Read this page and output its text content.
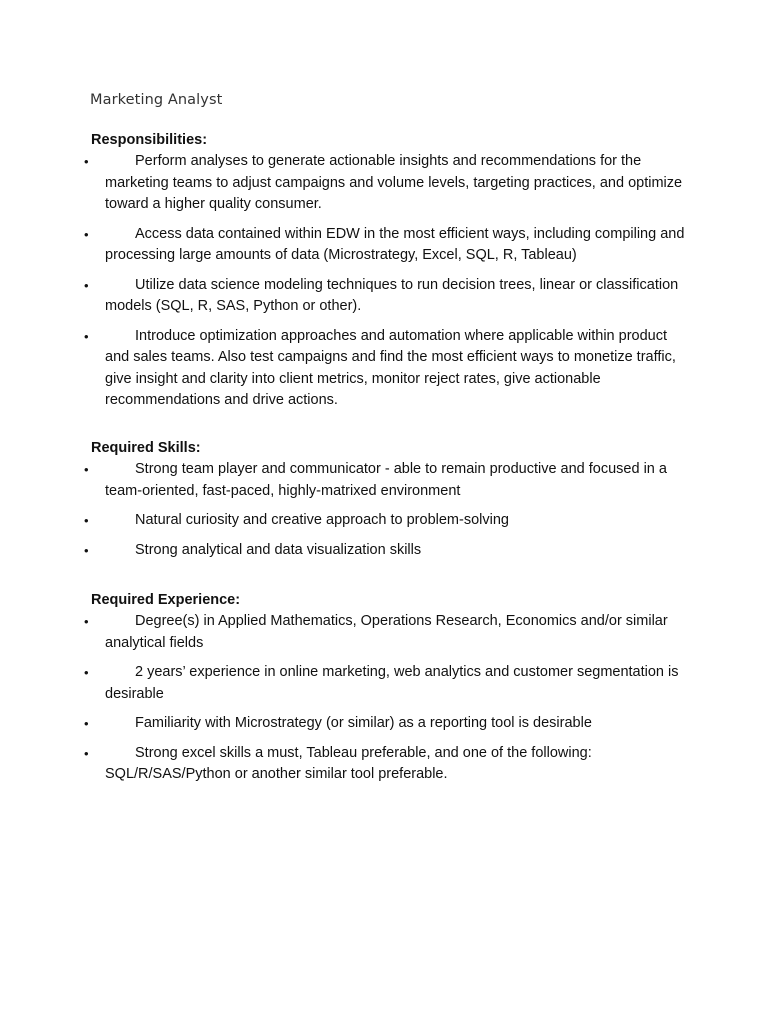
Marketing Analyst
Responsibilities:
•	Perform analyses to generate actionable insights and recommendations for the marketing teams to adjust campaigns and volume levels, targeting practices, and optimize toward a higher quality consumer.
•	Access data contained within EDW in the most efficient ways, including compiling and processing large amounts of data (Microstrategy, Excel, SQL, R, Tableau)
•	Utilize data science modeling techniques to run decision trees, linear or classification models (SQL, R, SAS, Python or other).
•	Introduce optimization approaches and automation where applicable within product and sales teams. Also test campaigns and find the most efficient ways to monetize traffic, give insight and clarity into client metrics, monitor reject rates, give actionable recommendations and drive actions.
Required Skills:
•	Strong team player and communicator - able to remain productive and focused in a team-oriented, fast-paced, highly-matrixed environment
•	Natural curiosity and creative approach to problem-solving
•	Strong analytical and data visualization skills
Required Experience:
•	Degree(s) in Applied Mathematics, Operations Research, Economics and/or similar analytical fields
•	2 years’ experience in online marketing, web analytics and customer segmentation is desirable
•	Familiarity with Microstrategy (or similar) as a reporting tool is desirable
•	Strong excel skills a must, Tableau preferable, and one of the following: SQL/R/SAS/Python or another similar tool preferable.
